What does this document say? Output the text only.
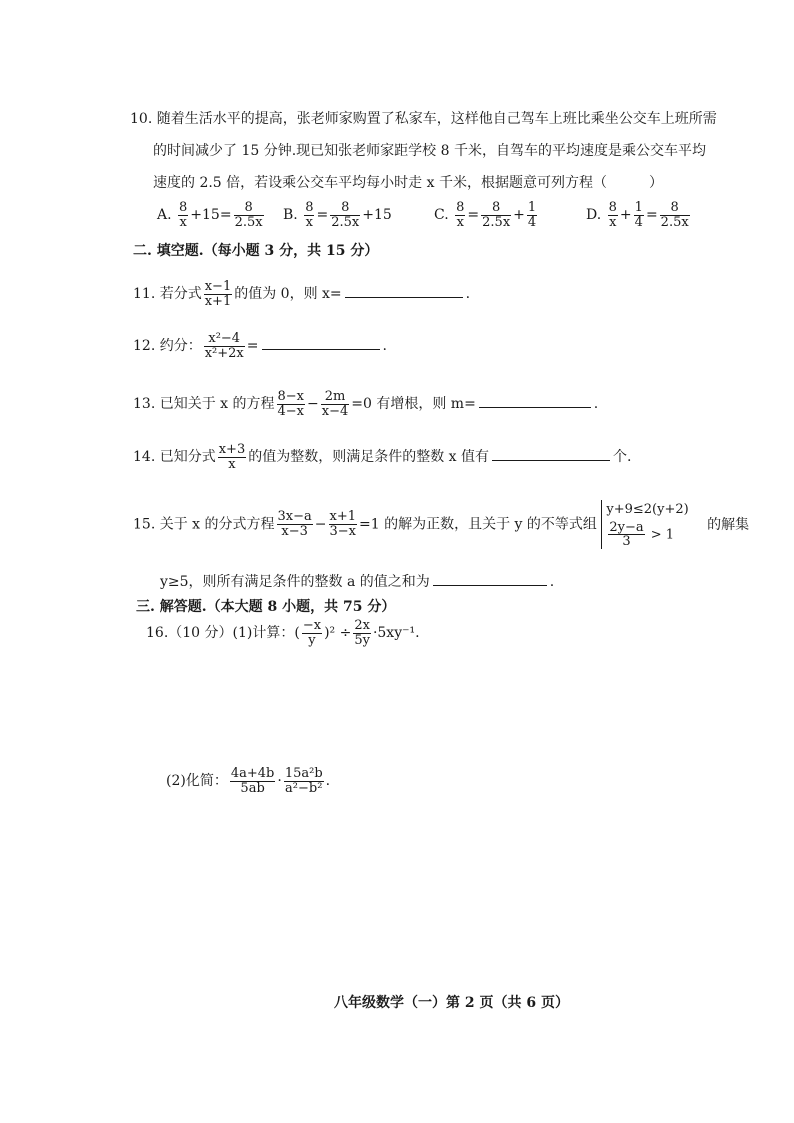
10. 随着生活水平的提高，张老师家购置了私家车，这样他自己驾车上班比乘坐公交车上班所需
的时间减少了 15 分钟.现已知张老师家距学校 8 千米，自驾车的平均速度是乘公交车平均
速度的 2.5 倍，若设乘公交车平均每小时走 x 千米，根据题意可列方程（　　　）
A. $\frac{8}{x} +15= \frac{8}{2.5x} B$. $\frac{8}{x} = \frac{8}{2.5x} +15$	C. $\frac{8}{x} = \frac{8}{2.5x} + \frac{1}{4}$	D. $\frac{8}{x} + \frac{1}{4} = \frac{8}{2.5x}$
二. 填空题.（每小题 3 分，共 15 分）
11. 若分式 $\frac{x-1}{x+1}$ 的值为 0，则 x=	.
12. 约分： $\frac{\text{x²−4}}{\text{x²+2x}}$ =	.
13. 已知关于 x 的方程 $\frac{8-x}{4-x} - \frac{2m}{x-4} =0$ 有增根，则 m=	.
14. 已知分式 $\frac{x+3}{x}$ 的值为整数，则满足条件的整数 x 值有	个.
15. 关于 x 的分式方程 $\frac{3x-a}{x-3} - \frac{x+1}{3-x} =1$ 的解为正数，且关于 y 的不等式组
y+9≤2(y+2)
$\frac{2y-a}{3} > 1$
的解集
y≥5，则所有满足条件的整数 a 的值之和为	.
三. 解答题.（本大题 8 小题，共 75 分）
16.（10 分）(1)计算：( $\frac{-x}{y} )^2 \div \frac{2x}{5y} \cdot 5xy^{-1}$.
(2)化简： $\frac{4a+4b}{5ab} \cdot \frac{\text{15a²b}}{\text{a²−b²}}$ .
八年级数学（一）第 2 页（共 6 页）
